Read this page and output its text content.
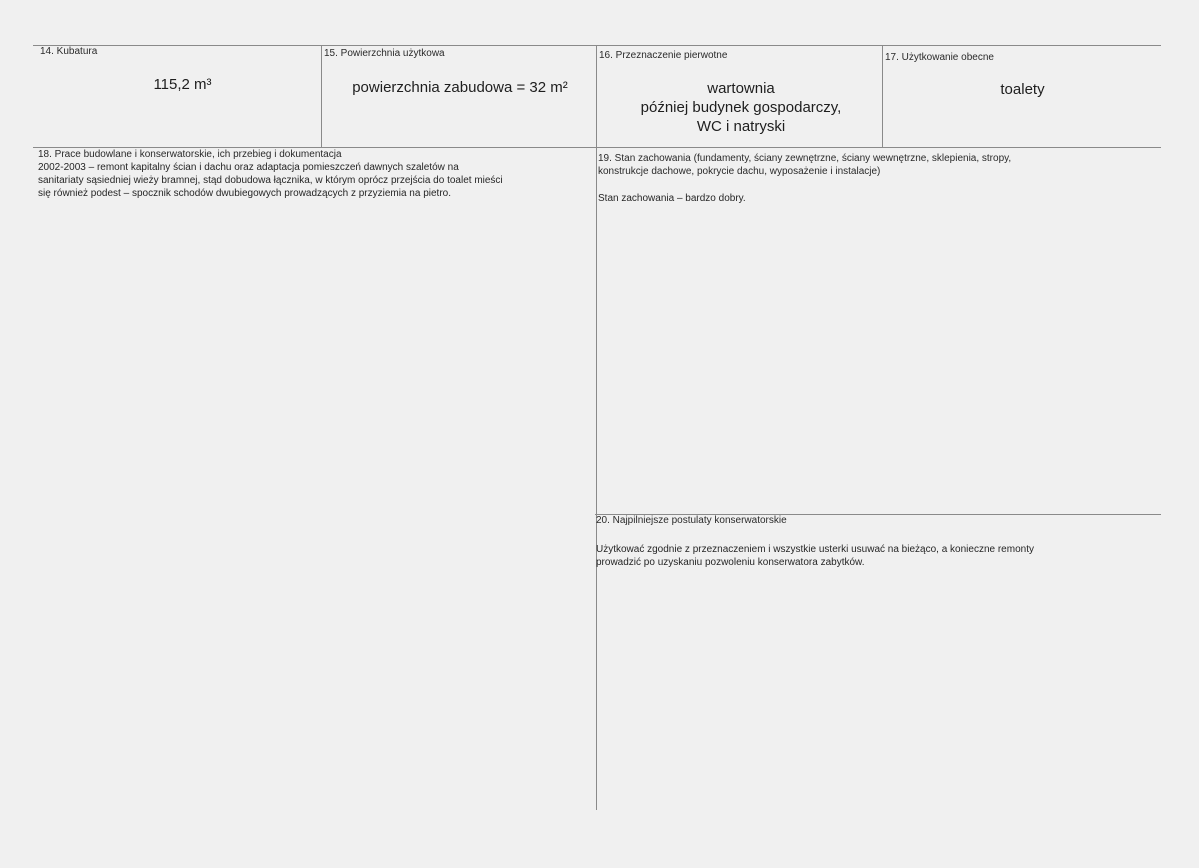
14. Kubatura
115,2 m³
15. Powierzchnia użytkowa
powierzchnia zabudowa = 32 m²
16. Przeznaczenie pierwotne
wartownia
później budynek gospodarczy,
WC i natryski
17. Użytkowanie obecne
toalety
18. Prace budowlane i konserwatorskie, ich przebieg i dokumentacja
2002-2003 – remont kapitalny ścian i dachu oraz adaptacja pomieszczeń dawnych szaletów na
sanitariaty sąsiedniej wieży bramnej, stąd dobudowa łącznika, w którym oprócz przejścia do toalet mieści
się również podest – spocznik schodów dwubiegowych prowadzących z przyziemia na pietro.
19. Stan zachowania (fundamenty, ściany zewnętrzne, ściany wewnętrzne, sklepienia, stropy,
konstrukcje dachowe, pokrycie dachu, wyposażenie i instalacje)
Stan zachowania – bardzo dobry.
20. Najpilniejsze postulaty konserwatorskie
Użytkować zgodnie z przeznaczeniem i wszystkie usterki usuwać na bieżąco, a konieczne remonty
prowadzić po uzyskaniu pozwoleniu konserwatora zabytków.
